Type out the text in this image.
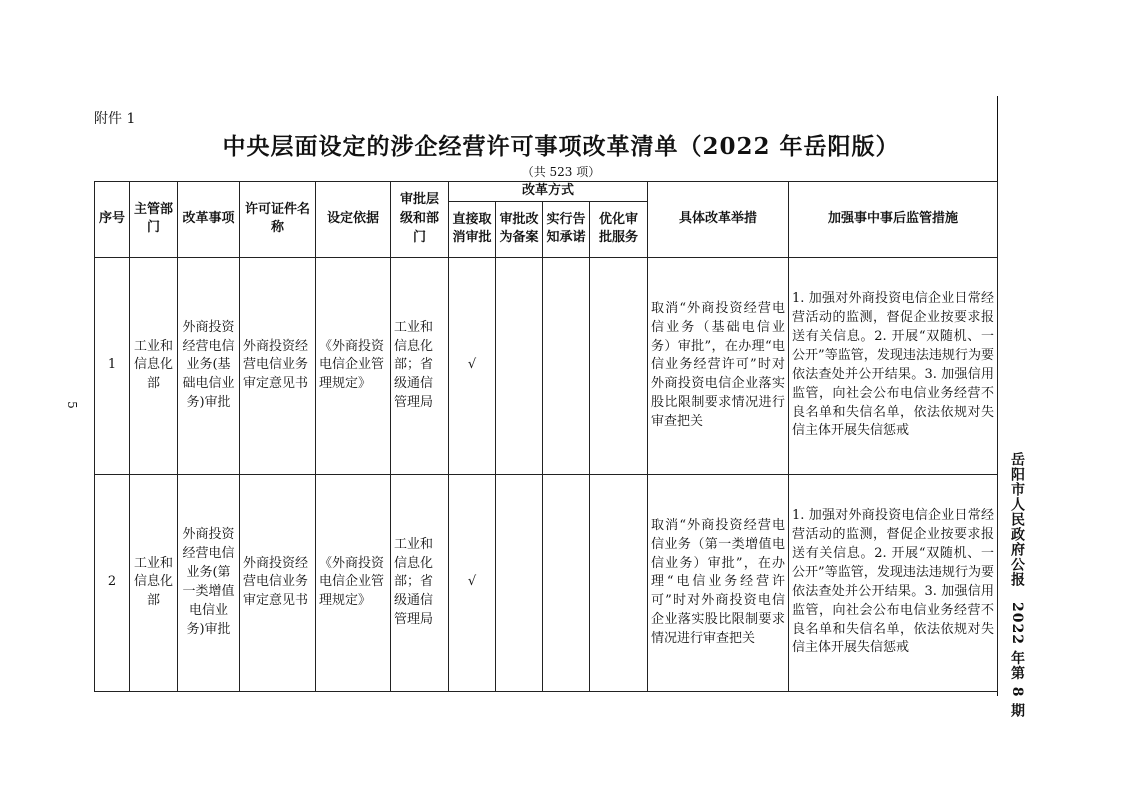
附件 1
中央层面设定的涉企经营许可事项改革清单（2022 年岳阳版）
（共 523 项）
5
岳阳市人民政府公报　2022 年第 8 期
序号	主管部门	改革事项	许可证件名称	设定依据	审批层级和部门	改革方式				具体改革举措	加强事中事后监管措施
						直接取消审批	审批改为备案	实行告知承诺	优化审批服务		
1	工业和信息化部	外商投资经营电信业务(基础电信业务)审批	外商投资经营电信业务审定意见书	《外商投资电信企业管理规定》	工业和信息化部；省级通信管理局	√				取消“外商投资经营电信业务（基础电信业务）审批”，在办理“电信业务经营许可”时对外商投资电信企业落实股比限制要求情况进行审查把关	1. 加强对外商投资电信企业日常经营活动的监测，督促企业按要求报送有关信息。2. 开展“双随机、一公开”等监管，发现违法违规行为要依法查处并公开结果。3. 加强信用监管，向社会公布电信业务经营不良名单和失信名单，依法依规对失信主体开展失信惩戒
2	工业和信息化部	外商投资经营电信业务(第一类增值电信业务)审批	外商投资经营电信业务审定意见书	《外商投资电信企业管理规定》	工业和信息化部；省级通信管理局	√				取消“外商投资经营电信业务（第一类增值电信业务）审批”，在办理“电信业务经营许可”时对外商投资电信企业落实股比限制要求情况进行审查把关	1. 加强对外商投资电信企业日常经营活动的监测，督促企业按要求报送有关信息。2. 开展“双随机、一公开”等监管，发现违法违规行为要依法查处并公开结果。3. 加强信用监管，向社会公布电信业务经营不良名单和失信名单，依法依规对失信主体开展失信惩戒
